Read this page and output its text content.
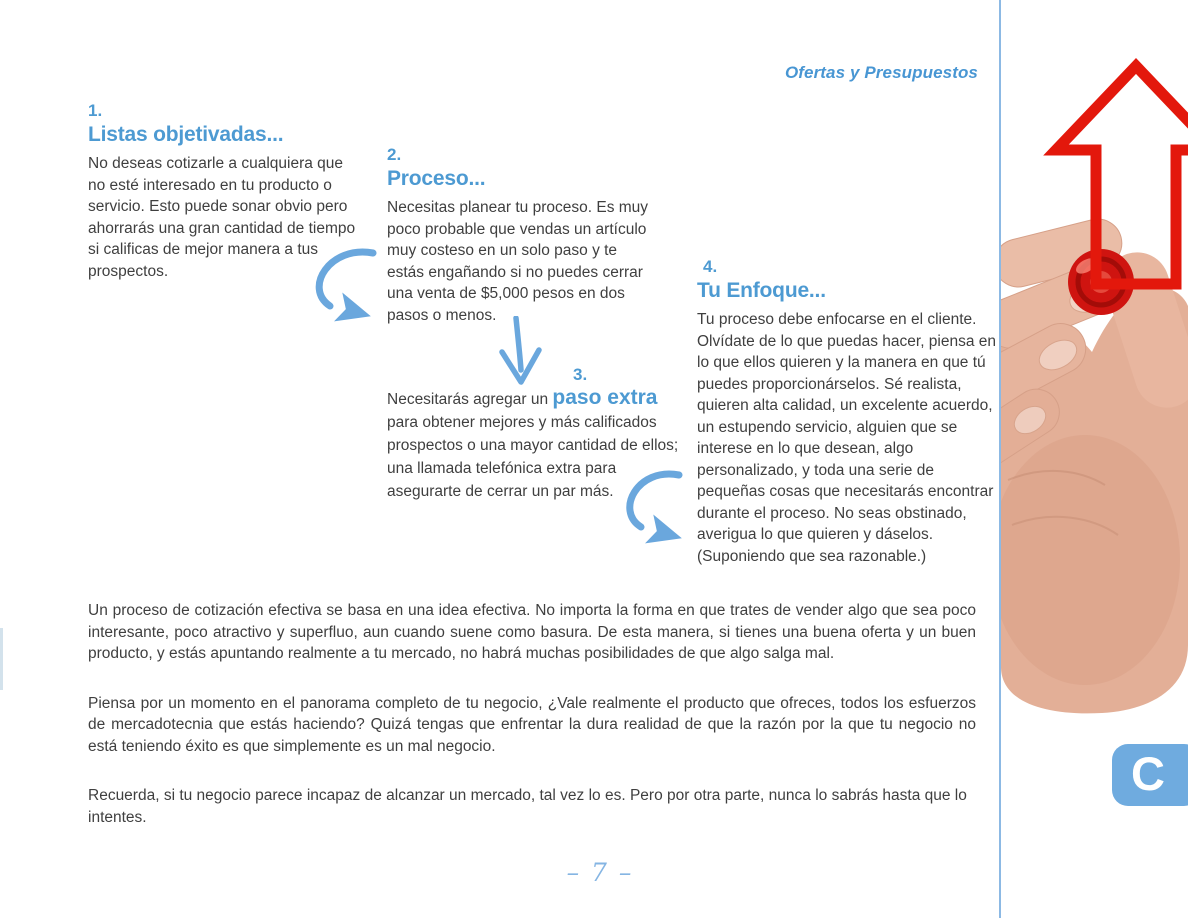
Ofertas y Presupuestos
1.
Listas objetivadas...
No deseas cotizarle a cualquiera que no esté interesado en tu producto o servicio. Esto puede sonar obvio pero ahorrarás una gran cantidad de tiempo si calificas de mejor manera a tus prospectos.
2.
Proceso...
Necesitas planear tu proceso. Es muy poco probable que vendas un artículo muy costeso en un solo paso y te estás engañando si no puedes cerrar una venta de $5,000 pesos en dos pasos o menos.
3.
Necesitarás agregar un paso extra para obtener mejores y más calificados prospectos o una mayor cantidad de ellos; una llamada telefónica extra para asegurarte de cerrar un par más.
4.
Tu Enfoque...
Tu proceso debe enfocarse en el cliente. Olvídate de lo que puedas hacer, piensa en lo que ellos quieren y la manera en que tú puedes proporcionárselos. Sé realista, quieren alta calidad, un excelente acuerdo, un estupendo servicio, alguien que se interese en lo que desean, algo personalizado, y toda una serie de pequeñas cosas que necesitarás encontrar durante el proceso. No seas obstinado, averigua lo que quieren y dáselos. (Suponiendo que sea razonable.)

Un proceso de cotización efectiva se basa en una idea efectiva. No importa la forma en que trates de vender algo que sea poco interesante, poco atractivo y superfluo, aun cuando suene como basura. De esta manera, si tienes una buena oferta y un buen producto, y estás apuntando realmente a tu mercado, no habrá muchas posibilidades de que algo salga mal.

Piensa por un momento en el panorama completo de tu negocio, ¿Vale realmente el producto que ofreces, todos los esfuerzos de mercadotecnia que estás haciendo? Quizá tengas que enfrentar la dura realidad de que la razón por la que tu negocio no está teniendo éxito es que simplemente es un mal negocio.

Recuerda, si tu negocio parece incapaz de alcanzar un mercado, tal vez lo es. Pero por otra parte, nunca lo sabrás hasta que lo intentes.

– 7 –
C
